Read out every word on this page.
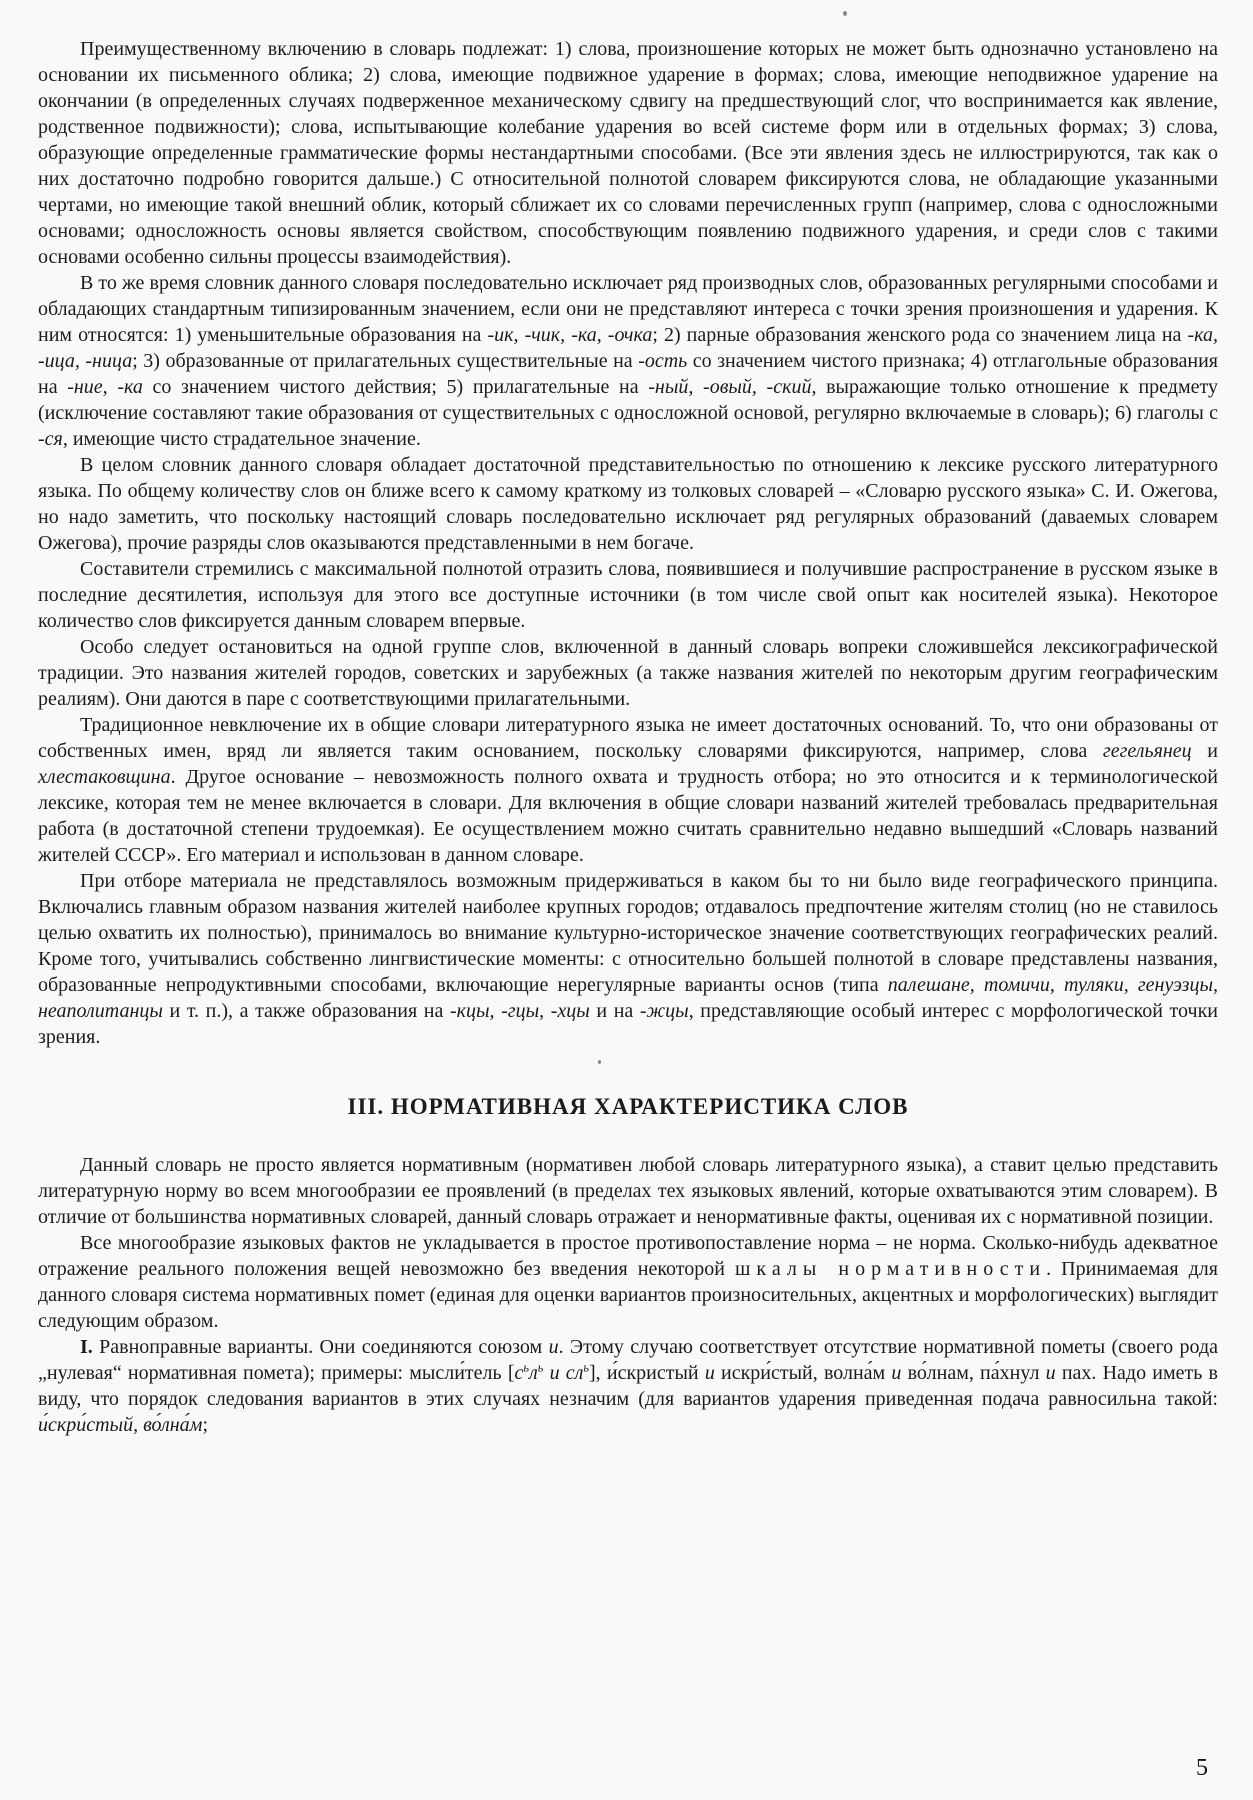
Преимущественному включению в словарь подлежат: 1) слова, произношение которых не может быть однозначно установлено на основании их письменного облика; 2) слова, имеющие подвижное ударение в формах; слова, имеющие неподвижное ударение на окончании (в определенных случаях подверженное механическому сдвигу на предшествующий слог, что воспринимается как явление, родственное подвижности); слова, испытывающие колебание ударения во всей системе форм или в отдельных формах; 3) слова, образующие определенные грамматические формы нестандартными способами. (Все эти явления здесь не иллюстрируются, так как о них достаточно подробно говорится дальше.) С относительной полнотой словарем фиксируются слова, не обладающие указанными чертами, но имеющие такой внешний облик, который сближает их со словами перечисленных групп (например, слова с односложными основами; односложность основы является свойством, способствующим появлению подвижного ударения, и среди слов с такими основами особенно сильны процессы взаимодействия).

В то же время словник данного словаря последовательно исключает ряд производных слов, образованных регулярными способами и обладающих стандартным типизированным значением, если они не представляют интереса с точки зрения произношения и ударения. К ним относятся: 1) уменьшительные образования на -ик, -чик, -ка, -очка; 2) парные образования женского рода со значением лица на -ка, -ица, -ница; 3) образованные от прилагательных существительные на -ость со значением чистого признака; 4) отглагольные образования на -ние, -ка со значением чистого действия; 5) прилагательные на -ный, -овый, -ский, выражающие только отношение к предмету (исключение составляют такие образования от существительных с односложной основой, регулярно включаемые в словарь); 6) глаголы с -ся, имеющие чисто страдательное значение.

В целом словник данного словаря обладает достаточной представительностью по отношению к лексике русского литературного языка. По общему количеству слов он ближе всего к самому краткому из толковых словарей – «Словарю русского языка» С. И. Ожегова, но надо заметить, что поскольку настоящий словарь последовательно исключает ряд регулярных образований (даваемых словарем Ожегова), прочие разряды слов оказываются представленными в нем богаче.

Составители стремились с максимальной полнотой отразить слова, появившиеся и получившие распространение в русском языке в последние десятилетия, используя для этого все доступные источники (в том числе свой опыт как носителей языка). Некоторое количество слов фиксируется данным словарем впервые.

Особо следует остановиться на одной группе слов, включенной в данный словарь вопреки сложившейся лексикографической традиции. Это названия жителей городов, советских и зарубежных (а также названия жителей по некоторым другим географическим реалиям). Они даются в паре с соответствующими прилагательными.

Традиционное невключение их в общие словари литературного языка не имеет достаточных оснований. То, что они образованы от собственных имен, вряд ли является таким основанием, поскольку словарями фиксируются, например, слова гегельянец и хлестаковщина. Другое основание – невозможность полного охвата и трудность отбора; но это относится и к терминологической лексике, которая тем не менее включается в словари. Для включения в общие словари названий жителей требовалась предварительная работа (в достаточной степени трудоемкая). Ее осуществлением можно считать сравнительно недавно вышедший «Словарь названий жителей СССР». Его материал и использован в данном словаре.

При отборе материала не представлялось возможным придерживаться в каком бы то ни было виде географического принципа. Включались главным образом названия жителей наиболее крупных городов; отдавалось предпочтение жителям столиц (но не ставилось целью охватить их полностью), принималось во внимание культурно-историческое значение соответствующих географических реалий. Кроме того, учитывались собственно лингвистические моменты: с относительно большей полнотой в словаре представлены названия, образованные непродуктивными способами, включающие нерегулярные варианты основ (типа палешане, томичи, туляки, генуэзцы, неаполитанцы и т. п.), а также образования на -кцы, -гцы, -хцы и на -жцы, представляющие особый интерес с морфологической точки зрения.

III. НОРМАТИВНАЯ ХАРАКТЕРИСТИКА СЛОВ

Данный словарь не просто является нормативным (нормативен любой словарь литературного языка), а ставит целью представить литературную норму во всем многообразии ее проявлений (в пределах тех языковых явлений, которые охватываются этим словарем). В отличие от большинства нормативных словарей, данный словарь отражает и ненормативные факты, оценивая их с нормативной позиции.

Все многообразие языковых фактов не укладывается в простое противопоставление норма – не норма. Сколько-нибудь адекватное отражение реального положения вещей невозможно без введения некоторой шкалы нормативности. Принимаемая для данного словаря система нормативных помет (единая для оценки вариантов произносительных, акцентных и морфологических) выглядит следующим образом.

I. Равноправные варианты. Они соединяются союзом и. Этому случаю соответствует отсутствие нормативной пометы (своего рода „нулевая“ нормативная помета); примеры: мысли́тель [$с^ьл^ь$ и $сл^ь$], и́скристый и искри́стый, волна́м и во́лнам, па́хнул и пах. Надо иметь в виду, что порядок следования вариантов в этих случаях незначим (для вариантов ударения приведенная подача равносильна такой: и́скри́стый, во́лна́м;

5
